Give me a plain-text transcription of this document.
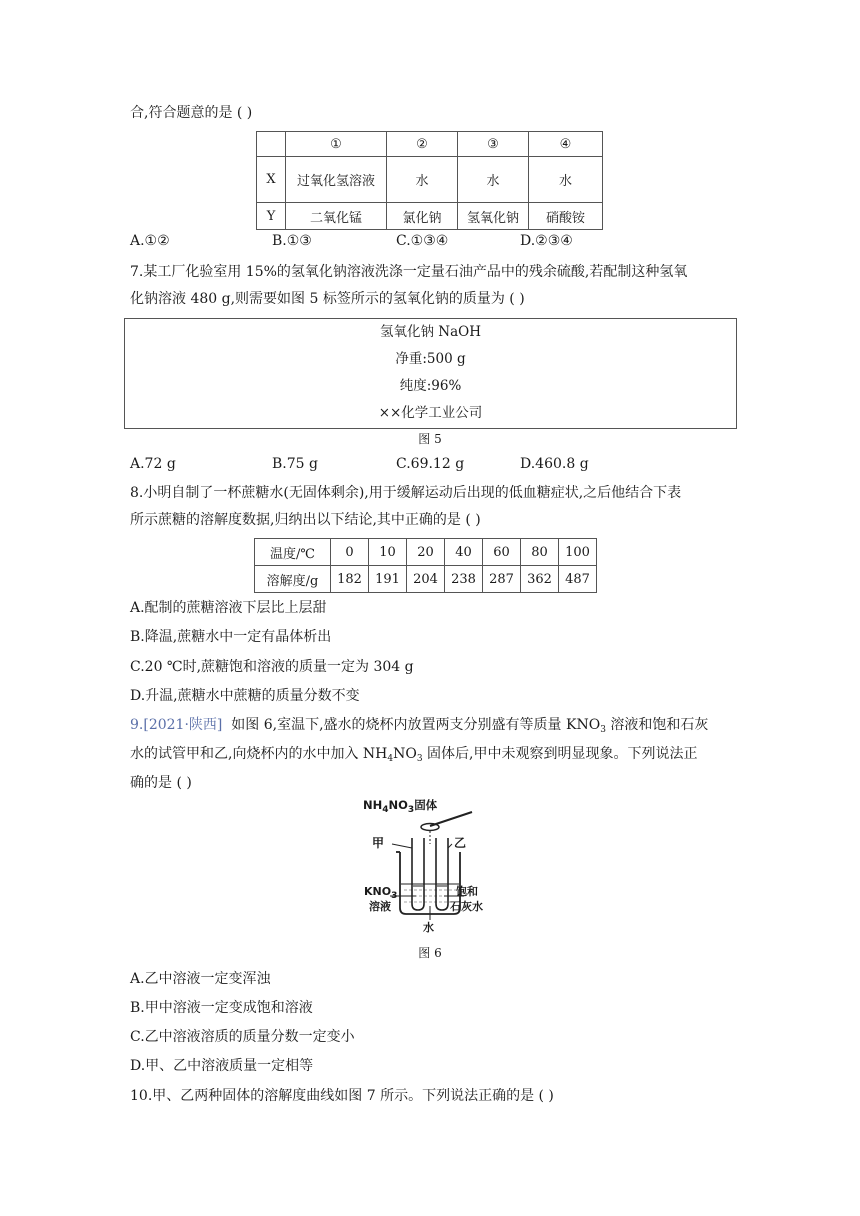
合,符合题意的是 ( )
	①	②	③	④
X	过氧化氢溶液	水	水	水
Y	二氧化锰	氯化钠	氢氧化钠	硝酸铵
A.①②	B.①③	C.①③④	D.②③④
7.某工厂化验室用 15%的氢氧化钠溶液洗涤一定量石油产品中的残余硫酸,若配制这种氢氧
化钠溶液 480 g,则需要如图 5 标签所示的氢氧化钠的质量为 ( )
氢氧化钠 NaOH
净重:500 g
纯度:96%
××化学工业公司
图 5
A.72 g	B.75 g	C.69.12 g	D.460.8 g
8.小明自制了一杯蔗糖水(无固体剩余),用于缓解运动后出现的低血糖症状,之后他结合下表
所示蔗糖的溶解度数据,归纳出以下结论,其中正确的是 ( )
温度/℃	0	10	20	40	60	80	100
溶解度/g	182	191	204	238	287	362	487
A.配制的蔗糖溶液下层比上层甜
B.降温,蔗糖水中一定有晶体析出
C.20 ℃时,蔗糖饱和溶液的质量一定为 304 g
D.升温,蔗糖水中蔗糖的质量分数不变
9.[2021·陕西] 如图 6,室温下,盛水的烧杯内放置两支分别盛有等质量 $KNO_3$ 溶液和饱和石灰
水的试管甲和乙,向烧杯内的水中加入 $NH_4NO_3$ 固体后,甲中未观察到明显现象。下列说法正
确的是 ( )
$NH_4NO_3$固体
甲	乙
$KNO_3$
溶液
饱和
石灰水
水
图 6
A.乙中溶液一定变浑浊
B.甲中溶液一定变成饱和溶液
C.乙中溶液溶质的质量分数一定变小
D.甲、乙中溶液质量一定相等
10.甲、乙两种固体的溶解度曲线如图 7 所示。下列说法正确的是 ( )
